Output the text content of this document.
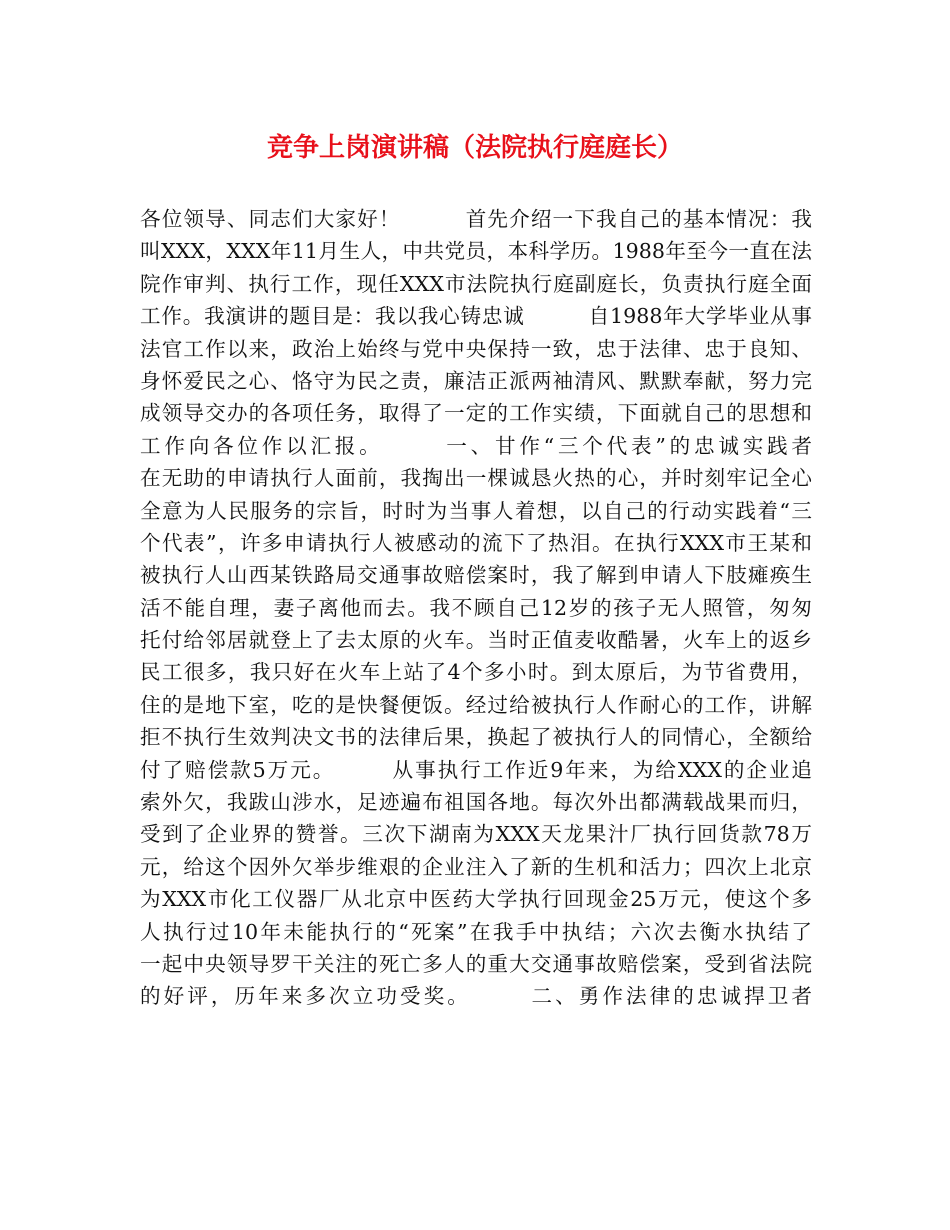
竞争上岗演讲稿（法院执行庭庭长）
各位领导、同志们大家好！　　　首先介绍一下我自己的基本情况：我
叫XXX，XXX年11月生人，中共党员，本科学历。1988年至今一直在法
院作审判、执行工作，现任XXX市法院执行庭副庭长，负责执行庭全面
工作。我演讲的题目是：我以我心铸忠诚　　　自1988年大学毕业从事
法官工作以来，政治上始终与党中央保持一致，忠于法律、忠于良知、
身怀爱民之心、恪守为民之责，廉洁正派两袖清风、默默奉献，努力完
成领导交办的各项任务，取得了一定的工作实绩，下面就自己的思想和
工作向各位作以汇报。　　　一、甘作“三个代表”的忠诚实践者
在无助的申请执行人面前，我掏出一棵诚恳火热的心，并时刻牢记全心
全意为人民服务的宗旨，时时为当事人着想，以自己的行动实践着“三
个代表”，许多申请执行人被感动的流下了热泪。在执行XXX市王某和
被执行人山西某铁路局交通事故赔偿案时，我了解到申请人下肢瘫痪生
活不能自理，妻子离他而去。我不顾自己12岁的孩子无人照管，匆匆
托付给邻居就登上了去太原的火车。当时正值麦收酷暑，火车上的返乡
民工很多，我只好在火车上站了4个多小时。到太原后，为节省费用，
住的是地下室，吃的是快餐便饭。经过给被执行人作耐心的工作，讲解
拒不执行生效判决文书的法律后果，换起了被执行人的同情心，全额给
付了赔偿款5万元。　　　从事执行工作近9年来，为给XXX的企业追
索外欠，我跋山涉水，足迹遍布祖国各地。每次外出都满载战果而归，
受到了企业界的赞誉。三次下湖南为XXX天龙果汁厂执行回货款78万
元，给这个因外欠举步维艰的企业注入了新的生机和活力；四次上北京
为XXX市化工仪器厂从北京中医药大学执行回现金25万元，使这个多
人执行过10年未能执行的“死案”在我手中执结；六次去衡水执结了
一起中央领导罗干关注的死亡多人的重大交通事故赔偿案，受到省法院
的好评，历年来多次立功受奖。　　　二、勇作法律的忠诚捍卫者
